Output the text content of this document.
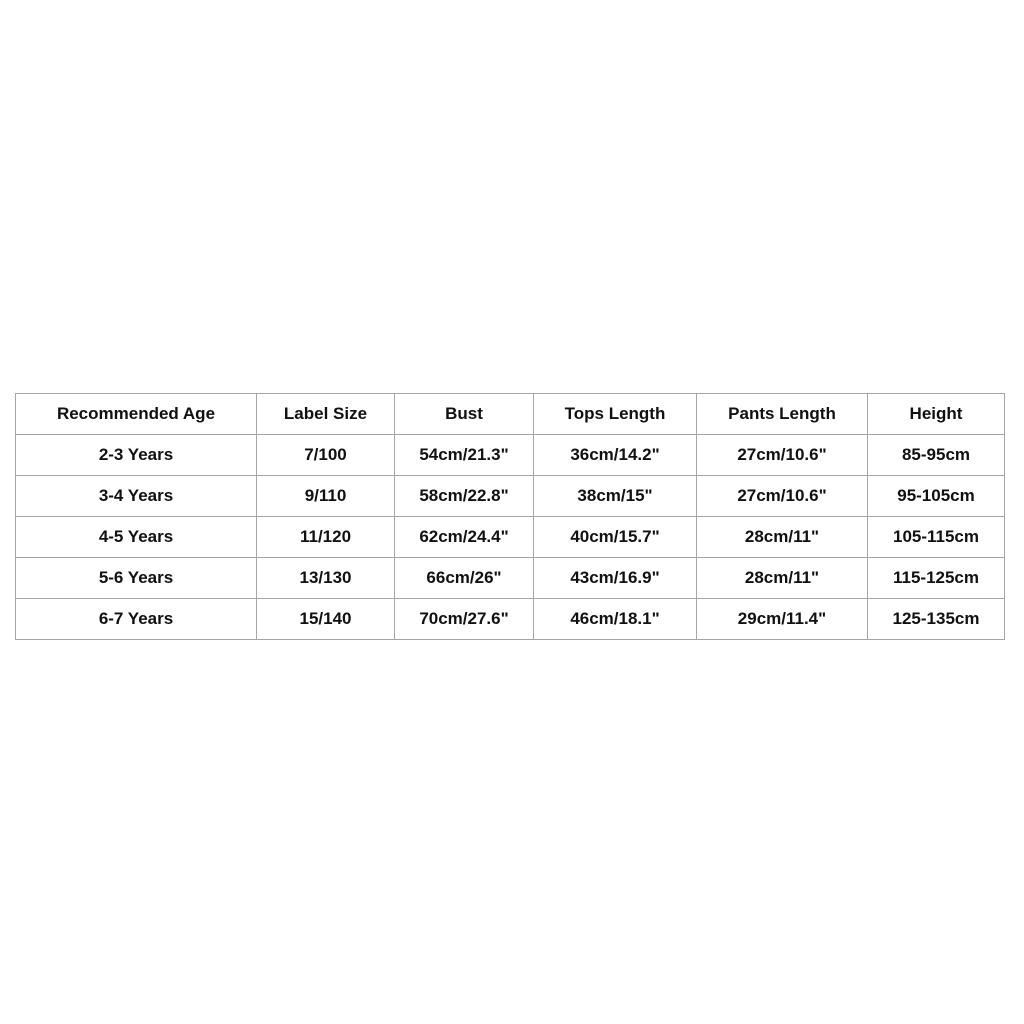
Recommended Age	Label Size	Bust	Tops Length	Pants Length	Height
2-3 Years	7/100	54cm/21.3"	36cm/14.2"	27cm/10.6"	85-95cm
3-4 Years	9/110	58cm/22.8"	38cm/15"	27cm/10.6"	95-105cm
4-5 Years	11/120	62cm/24.4"	40cm/15.7"	28cm/11"	105-115cm
5-6 Years	13/130	66cm/26"	43cm/16.9"	28cm/11"	115-125cm
6-7 Years	15/140	70cm/27.6"	46cm/18.1"	29cm/11.4"	125-135cm
